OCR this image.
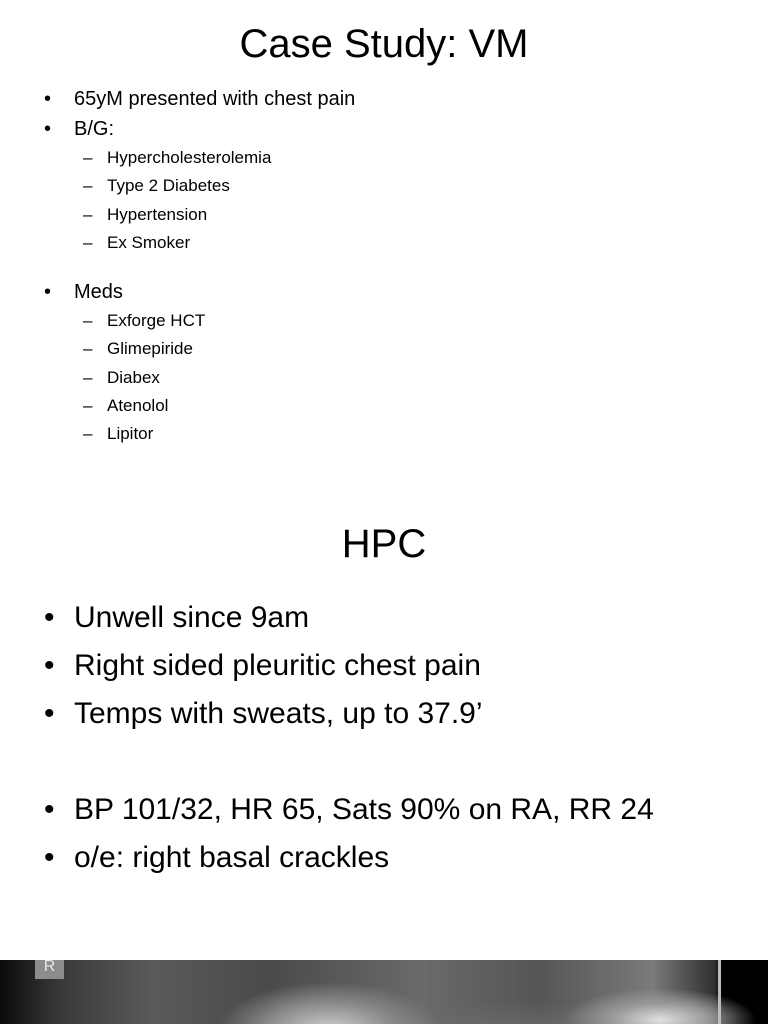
Case Study: VM
• 65yM presented with chest pain
• B/G:
– Hypercholesterolemia
– Type 2 Diabetes
– Hypertension
– Ex Smoker
• Meds
– Exforge HCT
– Glimepiride
– Diabex
– Atenolol
– Lipitor
HPC
• Unwell since 9am
• Right sided pleuritic chest pain
• Temps with sweats, up to 37.9’
• BP 101/32, HR 65, Sats 90% on RA, RR 24
• o/e: right basal crackles
R
